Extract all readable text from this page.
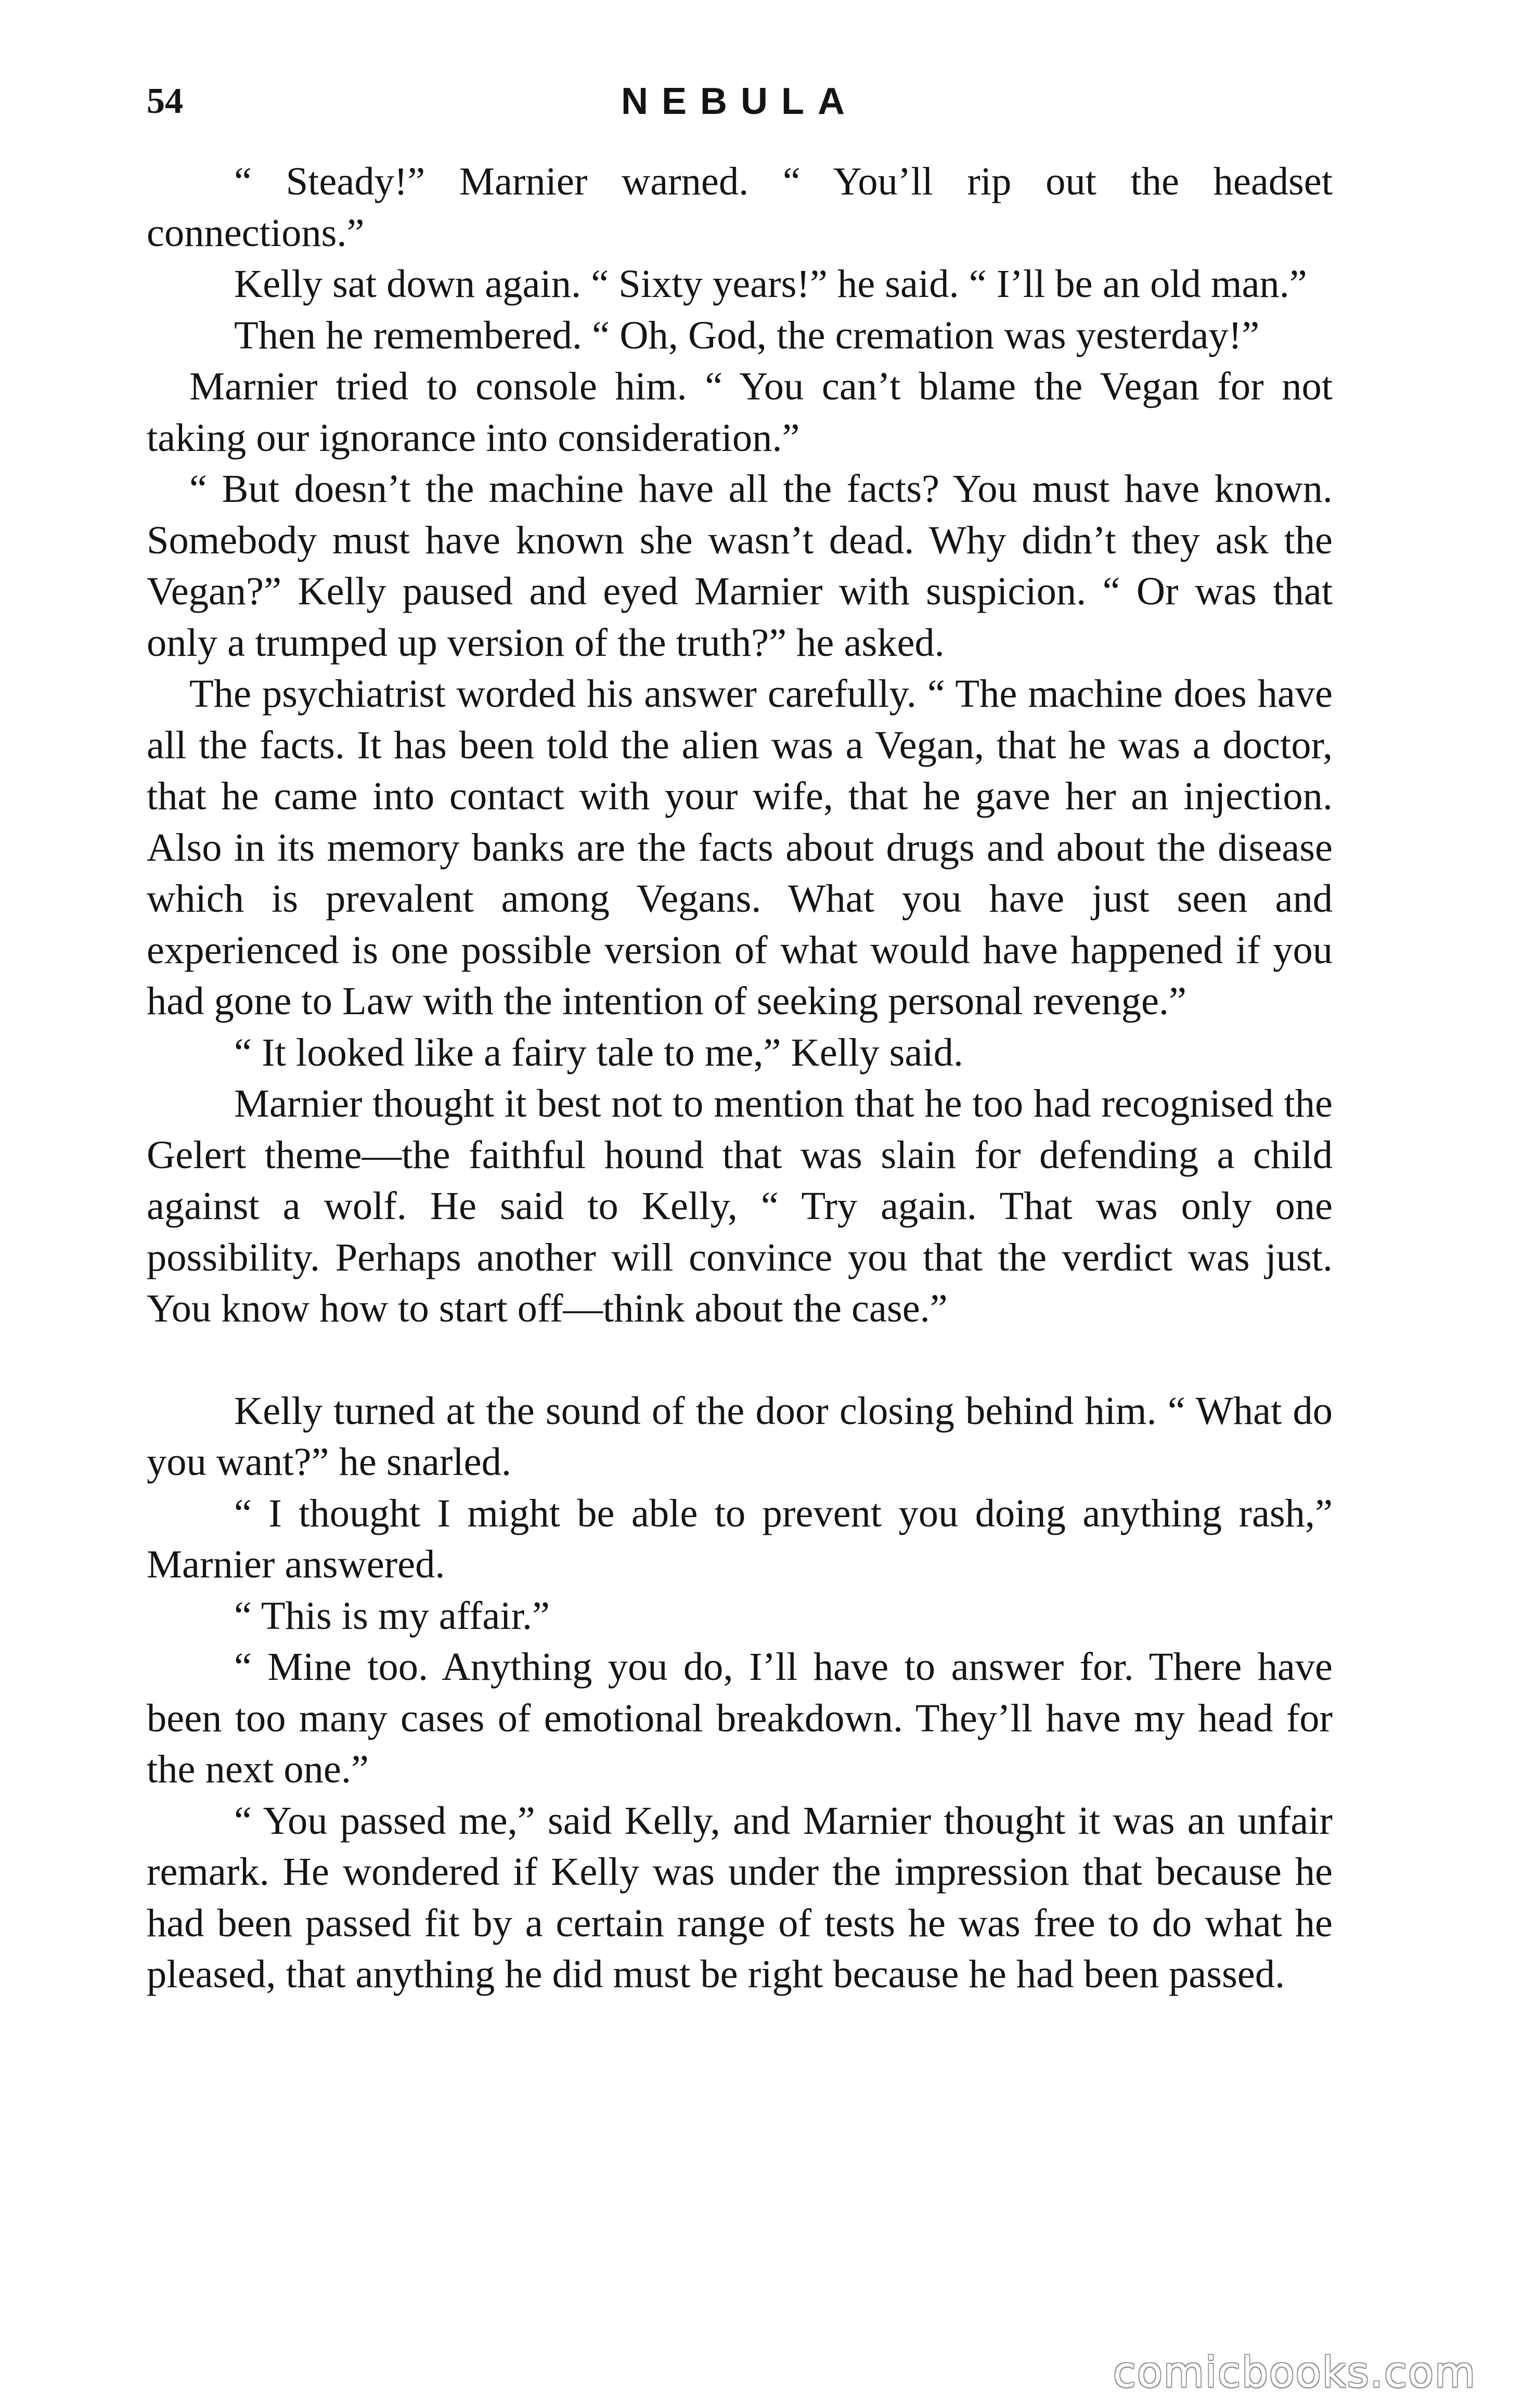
54	NEBULA

“ Steady!” Marnier warned. “ You’ll rip out the headset connections.”

Kelly sat down again. “ Sixty years!” he said. “ I’ll be an old man.”

Then he remembered. “ Oh, God, the cremation was yesterday!”

Marnier tried to console him. “ You can’t blame the Vegan for not taking our ignorance into consideration.”

“ But doesn’t the machine have all the facts? You must have known. Somebody must have known she wasn’t dead. Why didn’t they ask the Vegan?” Kelly paused and eyed Marnier with suspicion. “ Or was that only a trumped up version of the truth?” he asked.

The psychiatrist worded his answer carefully. “ The machine does have all the facts. It has been told the alien was a Vegan, that he was a doctor, that he came into contact with your wife, that he gave her an injection. Also in its memory banks are the facts about drugs and about the disease which is prevalent among Vegans. What you have just seen and experienced is one possible version of what would have happened if you had gone to Law with the intention of seeking personal revenge.”

“ It looked like a fairy tale to me,” Kelly said.

Marnier thought it best not to mention that he too had recognised the Gelert theme—the faithful hound that was slain for defending a child against a wolf. He said to Kelly, “ Try again. That was only one possibility. Perhaps another will convince you that the verdict was just. You know how to start off—think about the case.”

Kelly turned at the sound of the door closing behind him. “ What do you want?” he snarled.

“ I thought I might be able to prevent you doing anything rash,” Marnier answered.

“ This is my affair.”

“ Mine too. Anything you do, I’ll have to answer for. There have been too many cases of emotional breakdown. They’ll have my head for the next one.”

“ You passed me,” said Kelly, and Marnier thought it was an unfair remark. He wondered if Kelly was under the impression that because he had been passed fit by a certain range of tests he was free to do what he pleased, that anything he did must be right because he had been passed.

comicbooks.com
